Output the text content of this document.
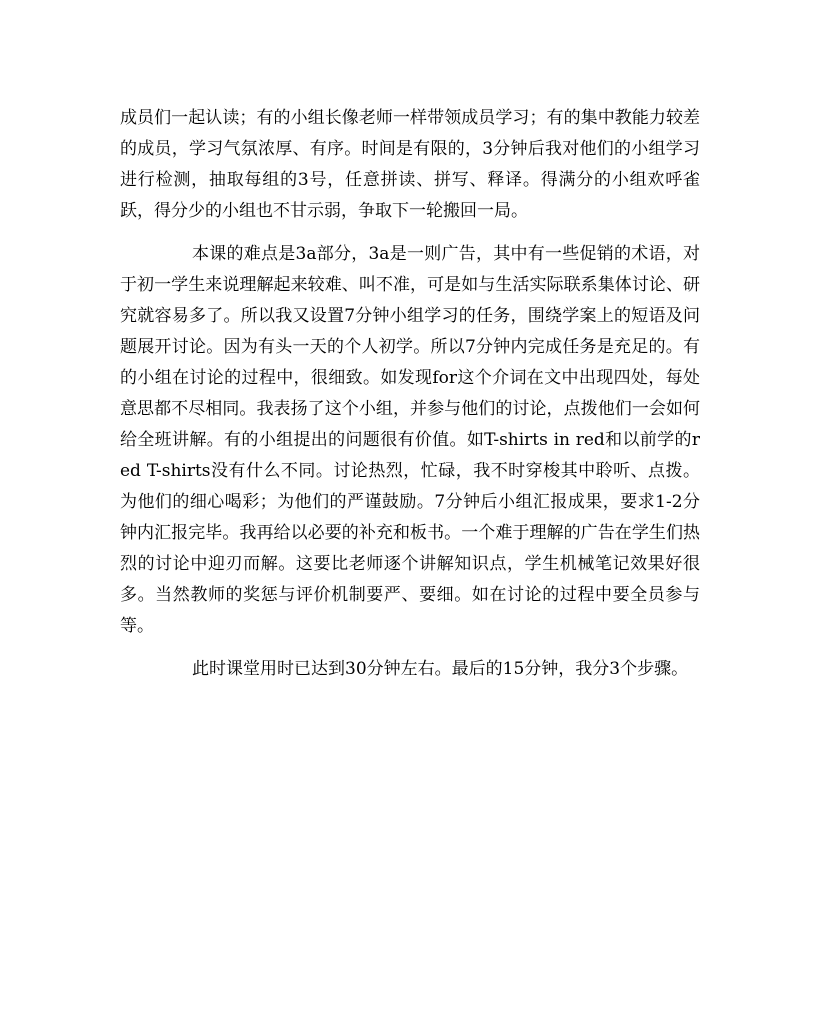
成员们一起认读；有的小组长像老师一样带领成员学习；有的集中教能力较差的成员，学习气氛浓厚、有序。时间是有限的，3分钟后我对他们的小组学习进行检测，抽取每组的3号，任意拼读、拼写、释译。得满分的小组欢呼雀跃，得分少的小组也不甘示弱，争取下一轮搬回一局。

本课的难点是3a部分，3a是一则广告，其中有一些促销的术语，对于初一学生来说理解起来较难、叫不准，可是如与生活实际联系集体讨论、研究就容易多了。所以我又设置7分钟小组学习的任务，围绕学案上的短语及问题展开讨论。因为有头一天的个人初学。所以7分钟内完成任务是充足的。有的小组在讨论的过程中，很细致。如发现for这个介词在文中出现四处，每处意思都不尽相同。我表扬了这个小组，并参与他们的讨论，点拨他们一会如何给全班讲解。有的小组提出的问题很有价值。如T-shirts in red和以前学的red T-shirts没有什么不同。讨论热烈，忙碌，我不时穿梭其中聆听、点拨。为他们的细心喝彩；为他们的严谨鼓励。7分钟后小组汇报成果，要求1-2分钟内汇报完毕。我再给以必要的补充和板书。一个难于理解的广告在学生们热烈的讨论中迎刃而解。这要比老师逐个讲解知识点，学生机械笔记效果好很多。当然教师的奖惩与评价机制要严、要细。如在讨论的过程中要全员参与等。

此时课堂用时已达到30分钟左右。最后的15分钟，我分3个步骤。
